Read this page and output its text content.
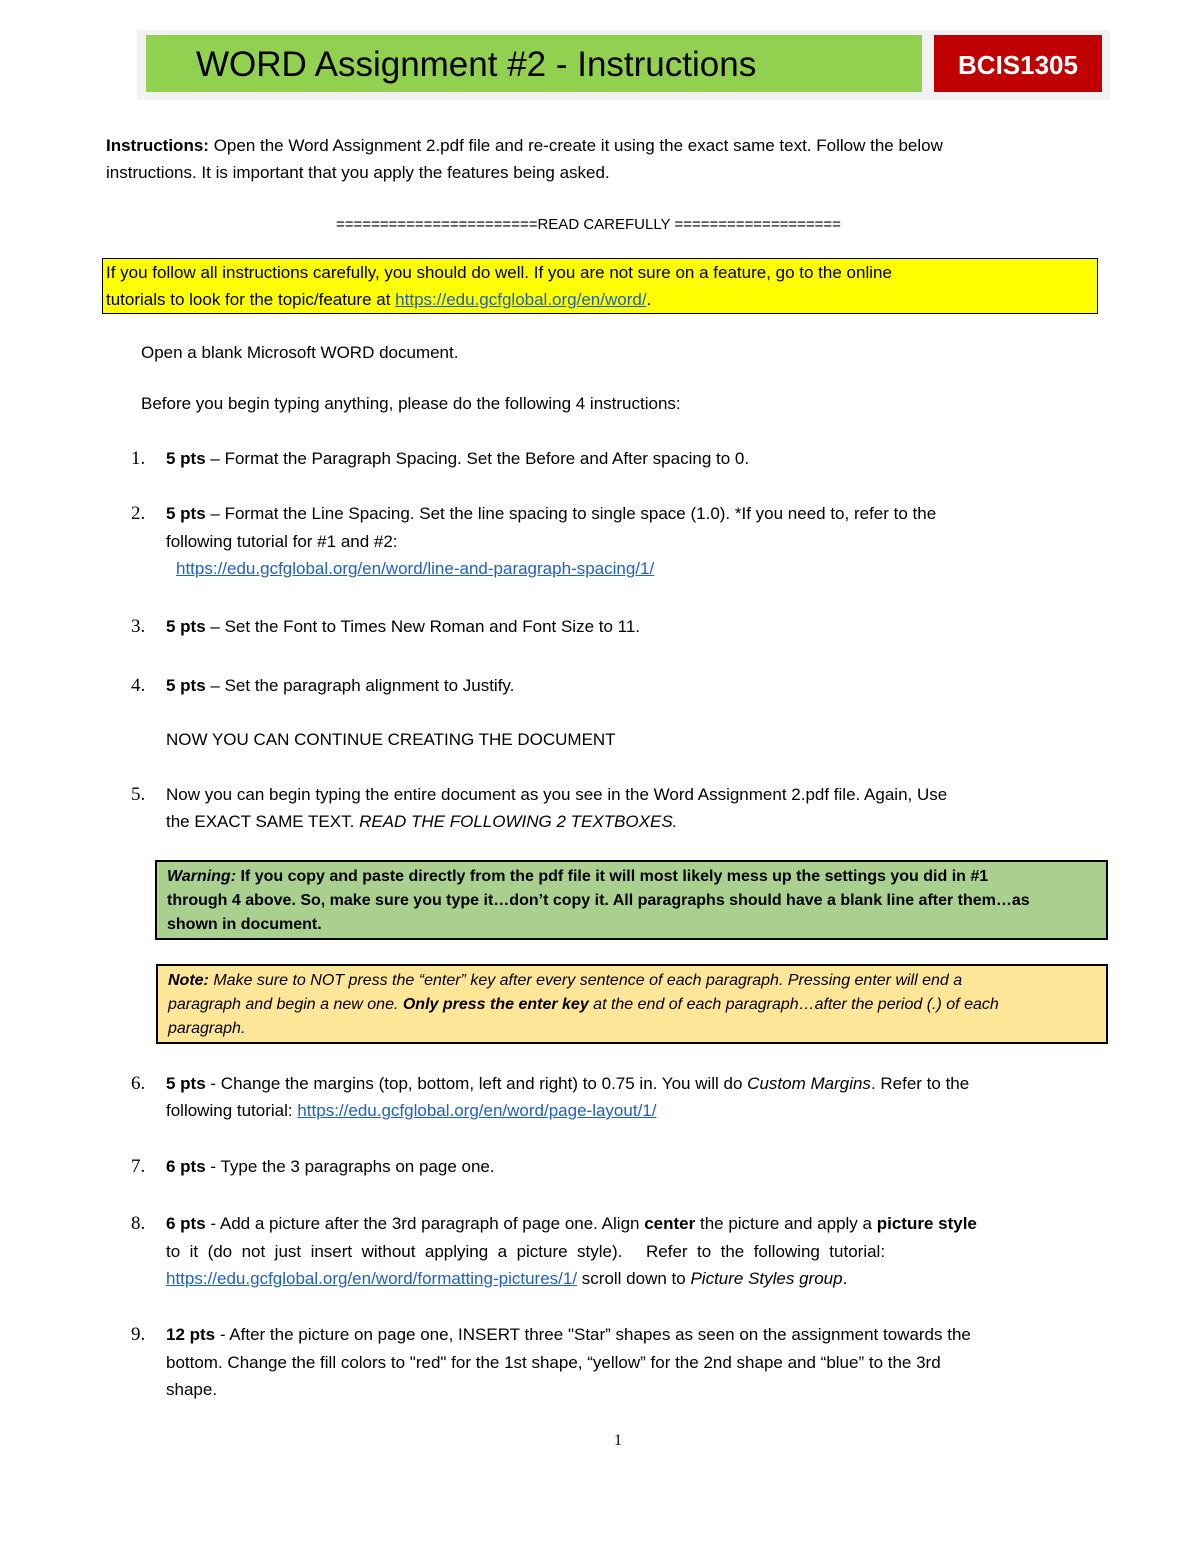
WORD Assignment #2 - Instructions	BCIS1305
Instructions: Open the Word Assignment 2.pdf file and re-create it using the exact same text. Follow the below
instructions. It is important that you apply the features being asked.
=======================READ CAREFULLY ===================
If you follow all instructions carefully, you should do well. If you are not sure on a feature, go to the online
tutorials to look for the topic/feature at https://edu.gcfglobal.org/en/word/.
Open a blank Microsoft WORD document.
Before you begin typing anything, please do the following 4 instructions:
1. 5 pts – Format the Paragraph Spacing. Set the Before and After spacing to 0.
2. 5 pts – Format the Line Spacing. Set the line spacing to single space (1.0). *If you need to, refer to the
following tutorial for #1 and #2:
https://edu.gcfglobal.org/en/word/line-and-paragraph-spacing/1/
3. 5 pts – Set the Font to Times New Roman and Font Size to 11.
4. 5 pts – Set the paragraph alignment to Justify.
NOW YOU CAN CONTINUE CREATING THE DOCUMENT
5. Now you can begin typing the entire document as you see in the Word Assignment 2.pdf file. Again, Use
the EXACT SAME TEXT. READ THE FOLLOWING 2 TEXTBOXES.
Warning: If you copy and paste directly from the pdf file it will most likely mess up the settings you did in #1
through 4 above. So, make sure you type it…don’t copy it. All paragraphs should have a blank line after them…as
shown in document.
Note: Make sure to NOT press the “enter” key after every sentence of each paragraph. Pressing enter will end a
paragraph and begin a new one. Only press the enter key at the end of each paragraph…after the period (.) of each
paragraph.
6. 5 pts - Change the margins (top, bottom, left and right) to 0.75 in. You will do Custom Margins. Refer to the
following tutorial: https://edu.gcfglobal.org/en/word/page-layout/1/
7. 6 pts - Type the 3 paragraphs on page one.
8. 6 pts - Add a picture after the 3rd paragraph of page one. Align center the picture and apply a picture style
to  it  (do  not  just  insert  without  applying  a  picture  style).     Refer  to  the  following  tutorial:
https://edu.gcfglobal.org/en/word/formatting-pictures/1/ scroll down to Picture Styles group.
9. 12 pts - After the picture on page one, INSERT three "Star” shapes as seen on the assignment towards the
bottom. Change the fill colors to "red" for the 1st shape, “yellow” for the 2nd shape and “blue” to the 3rd
shape.
1
